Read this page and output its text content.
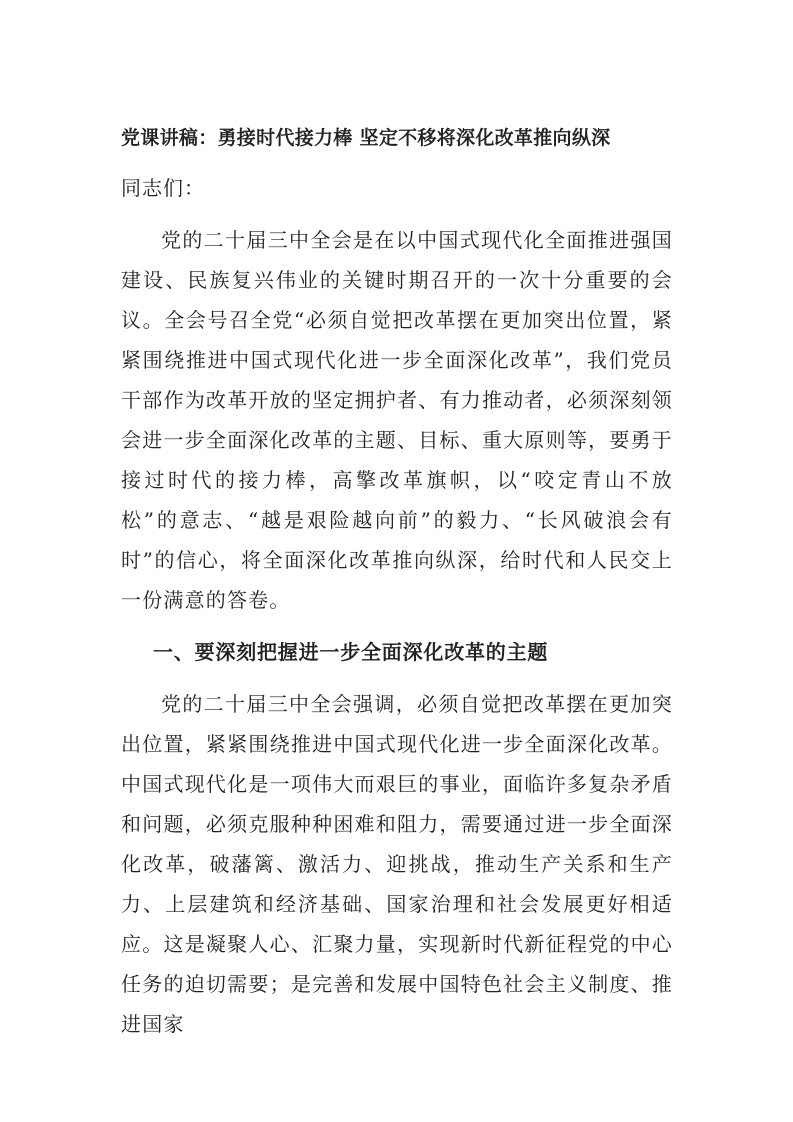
党课讲稿：勇接时代接力棒 坚定不移将深化改革推向纵深

同志们：

党的二十届三中全会是在以中国式现代化全面推进强国建设、民族复兴伟业的关键时期召开的一次十分重要的会议。全会号召全党“必须自觉把改革摆在更加突出位置，紧紧围绕推进中国式现代化进一步全面深化改革”，我们党员干部作为改革开放的坚定拥护者、有力推动者，必须深刻领会进一步全面深化改革的主题、目标、重大原则等，要勇于接过时代的接力棒，高擎改革旗帜，以“咬定青山不放松”的意志、“越是艰险越向前”的毅力、“长风破浪会有时”的信心，将全面深化改革推向纵深，给时代和人民交上一份满意的答卷。

一、要深刻把握进一步全面深化改革的主题

党的二十届三中全会强调，必须自觉把改革摆在更加突出位置，紧紧围绕推进中国式现代化进一步全面深化改革。中国式现代化是一项伟大而艰巨的事业，面临许多复杂矛盾和问题，必须克服种种困难和阻力，需要通过进一步全面深化改革，破藩篱、激活力、迎挑战，推动生产关系和生产力、上层建筑和经济基础、国家治理和社会发展更好相适应。这是凝聚人心、汇聚力量，实现新时代新征程党的中心任务的迫切需要；是完善和发展中国特色社会主义制度、推进国家
